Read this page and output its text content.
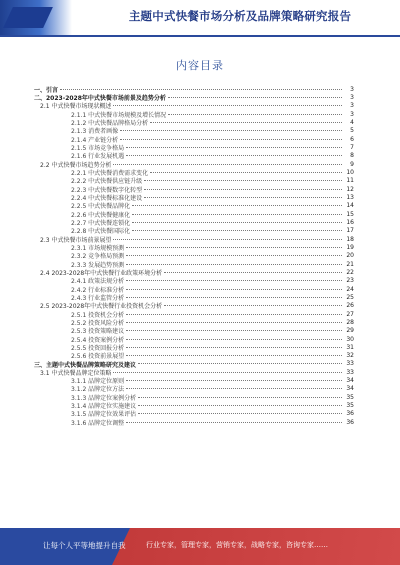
主题中式快餐市场分析及品牌策略研究报告
内容目录
一、引言	3
二、2023-2028年中式快餐市场前景及趋势分析	3
2.1 中式快餐市场现状概述	3
2.1.1 中式快餐市场规模及增长情况	3
2.1.2 中式快餐品牌格局分析	4
2.1.3 消费者画像	5
2.1.4 产业链分析	6
2.1.5 市场竞争格局	7
2.1.6 行业发展机遇	8
2.2 中式快餐市场趋势分析	9
2.2.1 中式快餐消费需求变化	10
2.2.2 中式快餐供应链升级	11
2.2.3 中式快餐数字化转型	12
2.2.4 中式快餐标准化建设	13
2.2.5 中式快餐品牌化	14
2.2.6 中式快餐健康化	15
2.2.7 中式快餐连锁化	16
2.2.8 中式快餐国际化	17
2.3 中式快餐市场前景展望	18
2.3.1 市场规模预测	19
2.3.2 竞争格局预测	20
2.3.3 发展趋势预测	21
2.4 2023-2028年中式快餐行业政策环境分析	22
2.4.1 政策法规分析	23
2.4.2 行业标准分析	24
2.4.3 行业监管分析	25
2.5 2023-2028年中式快餐行业投资机会分析	26
2.5.1 投资机会分析	27
2.5.2 投资风险分析	28
2.5.3 投资策略建议	29
2.5.4 投资案例分析	30
2.5.5 投资回报分析	31
2.5.6 投资前景展望	32
三、主题中式快餐品牌策略研究及建议	33
3.1 中式快餐品牌定位策略	33
3.1.1 品牌定位原则	34
3.1.2 品牌定位方法	34
3.1.3 品牌定位案例分析	35
3.1.4 品牌定位实施建议	35
3.1.5 品牌定位效果评估	36
3.1.6 品牌定位调整	36
让每个人平等地提升自我	行业专家，管理专家，营销专家，战略专家，咨询专家……
